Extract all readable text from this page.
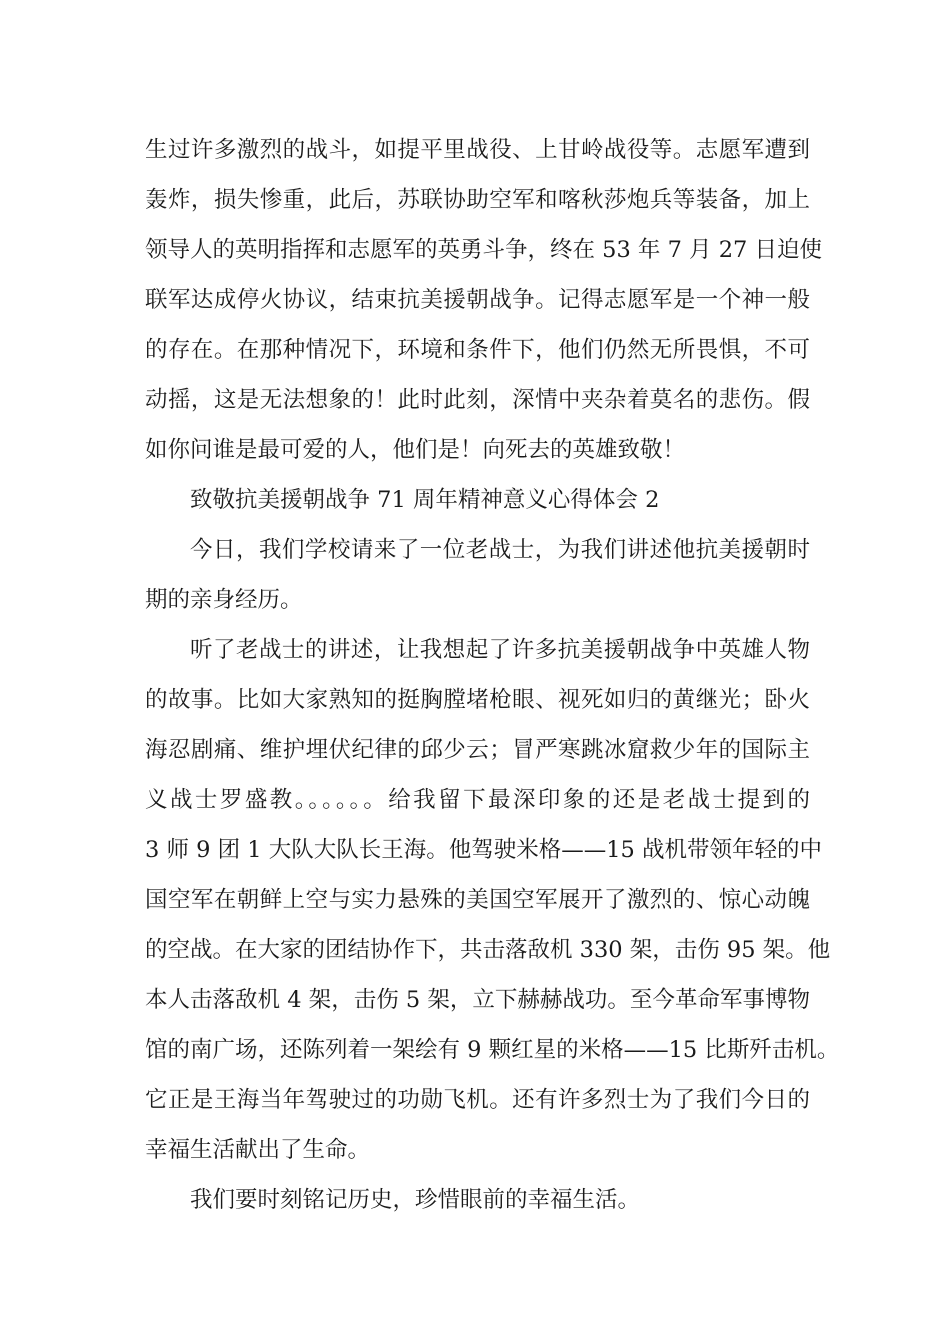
生过许多激烈的战斗，如提平里战役、上甘岭战役等。志愿军遭到
轰炸，损失惨重，此后，苏联协助空军和喀秋莎炮兵等装备，加上
领导人的英明指挥和志愿军的英勇斗争，终在 53 年 7 月 27 日迫使
联军达成停火协议，结束抗美援朝战争。记得志愿军是一个神一般
的存在。在那种情况下，环境和条件下，他们仍然无所畏惧，不可
动摇，这是无法想象的！此时此刻，深情中夹杂着莫名的悲伤。假
如你问谁是最可爱的人，他们是！向死去的英雄致敬！
致敬抗美援朝战争 71 周年精神意义心得体会 2
今日，我们学校请来了一位老战士，为我们讲述他抗美援朝时
期的亲身经历。
听了老战士的讲述，让我想起了许多抗美援朝战争中英雄人物
的故事。比如大家熟知的挺胸膛堵枪眼、视死如归的黄继光；卧火
海忍剧痛、维护埋伏纪律的邱少云；冒严寒跳冰窟救少年的国际主
义战士罗盛教。。。。。。给我留下最深印象的还是老战士提到的
3 师 9 团 1 大队大队长王海。他驾驶米格——15 战机带领年轻的中
国空军在朝鲜上空与实力悬殊的美国空军展开了激烈的、惊心动魄
的空战。在大家的团结协作下，共击落敌机 330 架，击伤 95 架。他
本人击落敌机 4 架，击伤 5 架，立下赫赫战功。至今革命军事博物
馆的南广场，还陈列着一架绘有 9 颗红星的米格——15 比斯歼击机。
它正是王海当年驾驶过的功勋飞机。还有许多烈士为了我们今日的
幸福生活献出了生命。
我们要时刻铭记历史，珍惜眼前的幸福生活。
